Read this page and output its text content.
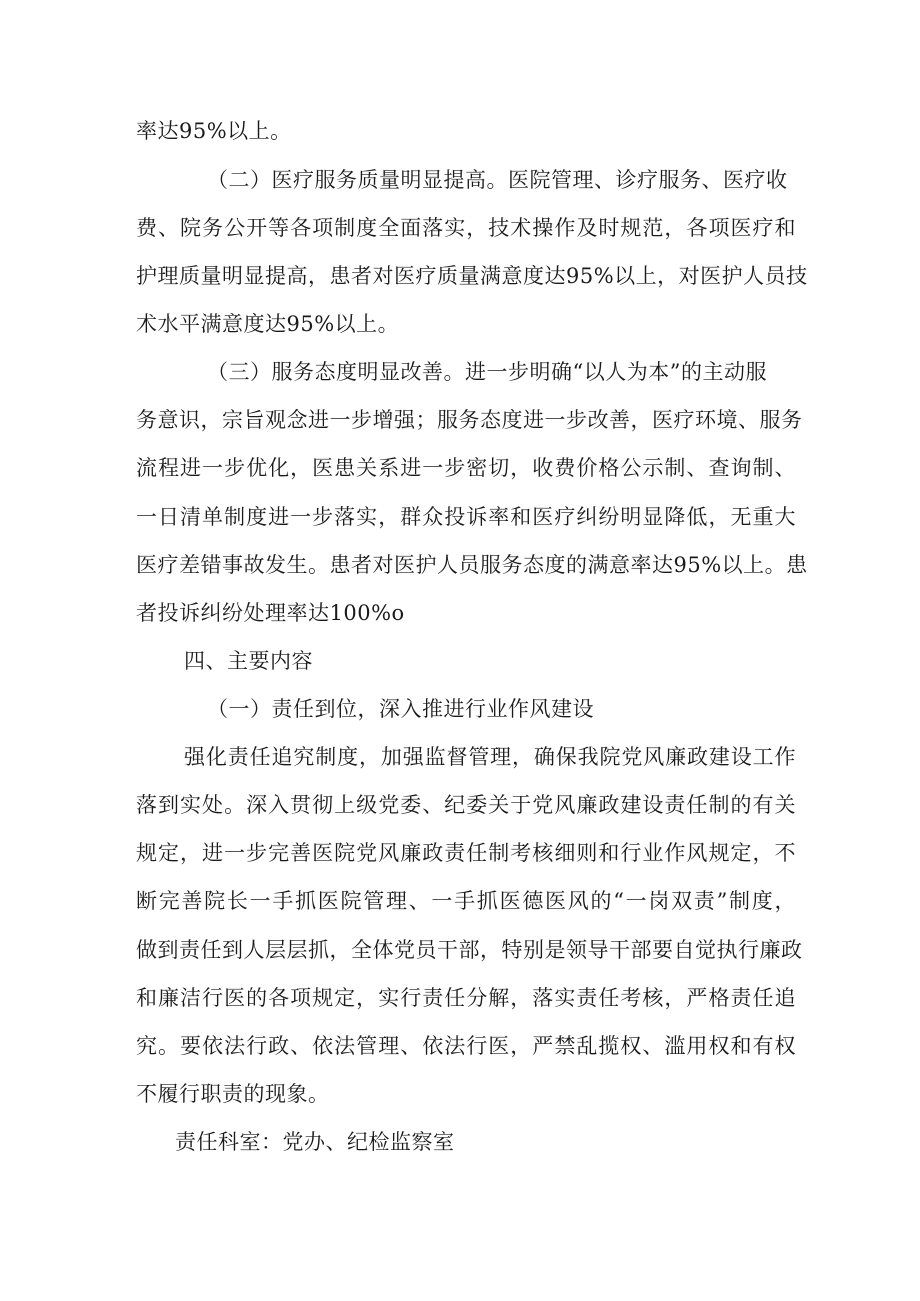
率达95%以上。
（二）医疗服务质量明显提高。医院管理、诊疗服务、医疗收
费、院务公开等各项制度全面落实，技术操作及时规范，各项医疗和
护理质量明显提高，患者对医疗质量满意度达95%以上，对医护人员技
术水平满意度达95%以上。
（三）服务态度明显改善。进一步明确“以人为本”的主动服
务意识，宗旨观念进一步增强；服务态度进一步改善，医疗环境、服务
流程进一步优化，医患关系进一步密切，收费价格公示制、查询制、
一日清单制度进一步落实，群众投诉率和医疗纠纷明显降低，无重大
医疗差错事故发生。患者对医护人员服务态度的满意率达95%以上。患
者投诉纠纷处理率达100%o
四、主要内容
（一）责任到位，深入推进行业作风建设
强化责任追究制度，加强监督管理，确保我院党风廉政建设工作
落到实处。深入贯彻上级党委、纪委关于党风廉政建设责任制的有关
规定，进一步完善医院党风廉政责任制考核细则和行业作风规定，不
断完善院长一手抓医院管理、一手抓医德医风的“一岗双责”制度，
做到责任到人层层抓，全体党员干部，特别是领导干部要自觉执行廉政
和廉洁行医的各项规定，实行责任分解，落实责任考核，严格责任追
究。要依法行政、依法管理、依法行医，严禁乱揽权、滥用权和有权
不履行职责的现象。
责任科室：党办、纪检监察室
